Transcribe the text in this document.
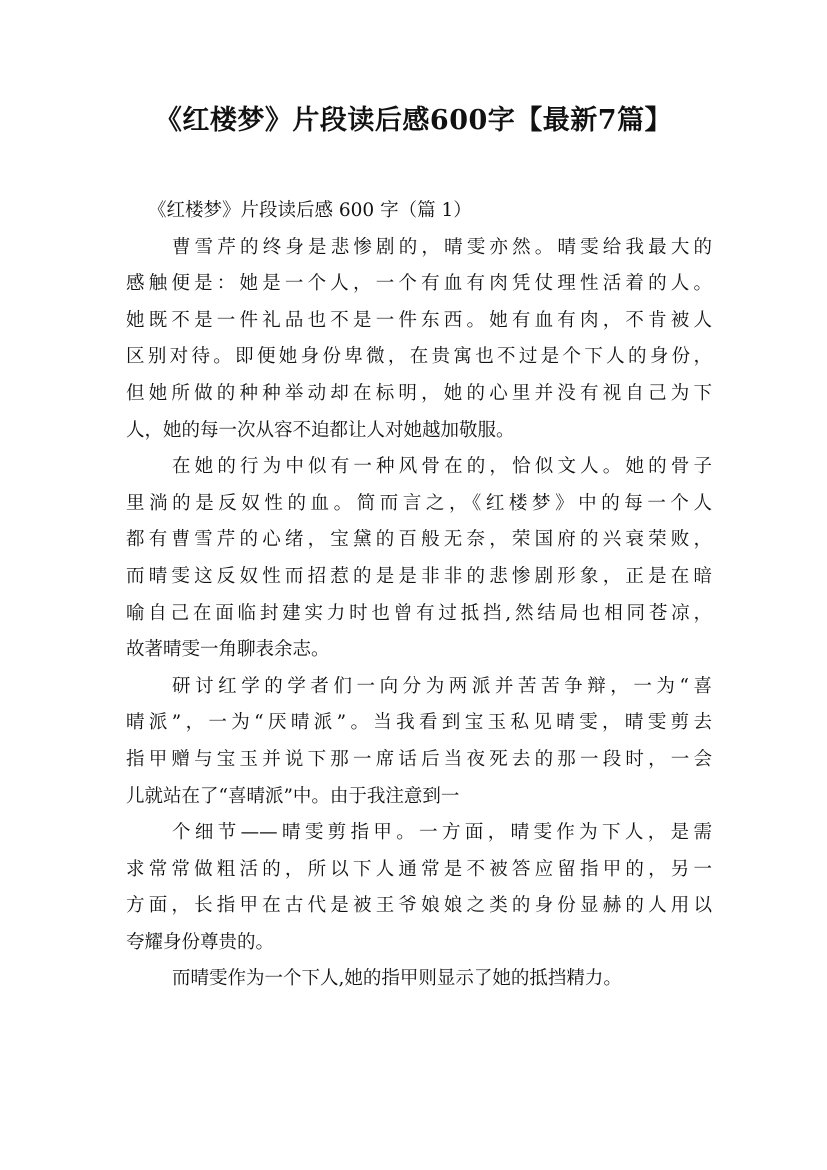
《红楼梦》片段读后感600字【最新7篇】
《红楼梦》片段读后感 600 字（篇 1）
曹雪芹的终身是悲惨剧的，晴雯亦然。晴雯给我最大的
感触便是：她是一个人，一个有血有肉凭仗理性活着的人。
她既不是一件礼品也不是一件东西。她有血有肉，不肯被人
区别对待。即便她身份卑微，在贵寓也不过是个下人的身份，
但她所做的种种举动却在标明，她的心里并没有视自己为下
人，她的每一次从容不迫都让人对她越加敬服。
在她的行为中似有一种风骨在的，恰似文人。她的骨子
里淌的是反奴性的血。简而言之，《红楼梦》中的每一个人
都有曹雪芹的心绪，宝黛的百般无奈，荣国府的兴衰荣败，
而晴雯这反奴性而招惹的是是非非的悲惨剧形象，正是在暗
喻自己在面临封建实力时也曾有过抵挡,然结局也相同苍凉，
故著晴雯一角聊表余志。
研讨红学的学者们一向分为两派并苦苦争辩，一为“喜
晴派”，一为“厌晴派”。当我看到宝玉私见晴雯，晴雯剪去
指甲赠与宝玉并说下那一席话后当夜死去的那一段时，一会
儿就站在了“喜晴派”中。由于我注意到一
个细节——晴雯剪指甲。一方面，晴雯作为下人，是需
求常常做粗活的，所以下人通常是不被答应留指甲的，另一
方面，长指甲在古代是被王爷娘娘之类的身份显赫的人用以
夸耀身份尊贵的。
而晴雯作为一个下人,她的指甲则显示了她的抵挡精力。
